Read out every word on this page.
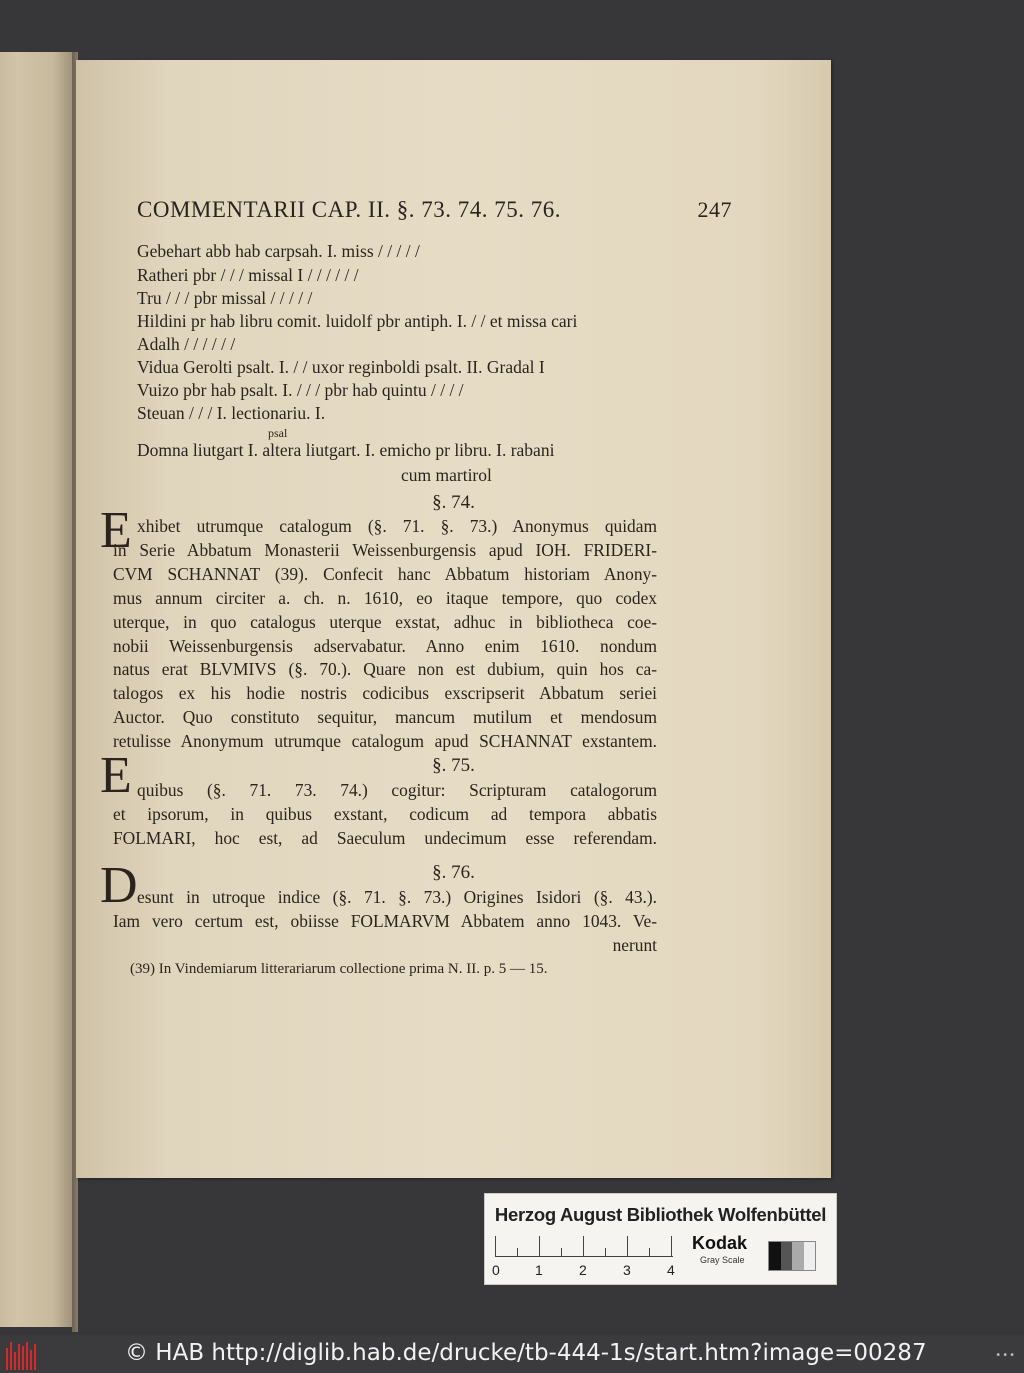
COMMENTARII CAP. II. §. 73. 74. 75. 76.	247
Gebehart abb hab carpsah. I. miss / / / / /
Ratheri pbr / / / missal I / / / / / /
Tru / / / pbr missal / / / / /
Hildini pr hab libru comit. luidolf pbr antiph. I. / / et missa cari
Adalh / / / / / /
Vidua Gerolti psalt. I. / / uxor reginboldi psalt. II. Gradal I
Vuizo pbr hab psalt. I. / / / pbr hab quintu / / / /
Steuan / / / I. lectionariu. I.
psal
Domna liutgart I. altera liutgart. I. emicho pr libru. I. rabani
cum martirol
§. 74.
E xhibet utrumque catalogum (§. 71. §. 73.) Anonymus quidam
in Serie Abbatum Monasterii Weissenburgensis apud IOH. FRIDERI-
CVM SCHANNAT (39). Confecit hanc Abbatum historiam Anony-
mus annum circiter a. ch. n. 1610, eo itaque tempore, quo codex
uterque, in quo catalogus uterque exstat, adhuc in bibliotheca coe-
nobii Weissenburgensis adservabatur. Anno enim 1610. nondum
natus erat BLVMIVS (§. 70.). Quare non est dubium, quin hos ca-
talogos ex his hodie nostris codicibus exscripserit Abbatum seriei
Auctor. Quo constituto sequitur, mancum mutilum et mendosum
retulisse Anonymum utrumque catalogum apud SCHANNAT exstantem.
§. 75.
E quibus (§. 71. 73. 74.) cogitur: Scripturam catalogorum
et ipsorum, in quibus exstant, codicum ad tempora abbatis
FOLMARI, hoc est, ad Saeculum undecimum esse referendam.
§. 76.
D esunt in utroque indice (§. 71. §. 73.) Origines Isidori (§. 43.).
Iam vero certum est, obiisse FOLMARVM Abbatem anno 1043. Ve-
nerunt
(39) In Vindemiarum litterariarum collectione prima N. II. p. 5 — 15.
Herzog August Bibliothek Wolfenbüttel
0	1	2	3	4
Kodak
Gray Scale
© HAB http://diglib.hab.de/drucke/tb-444-1s/start.htm?image=00287	•••
